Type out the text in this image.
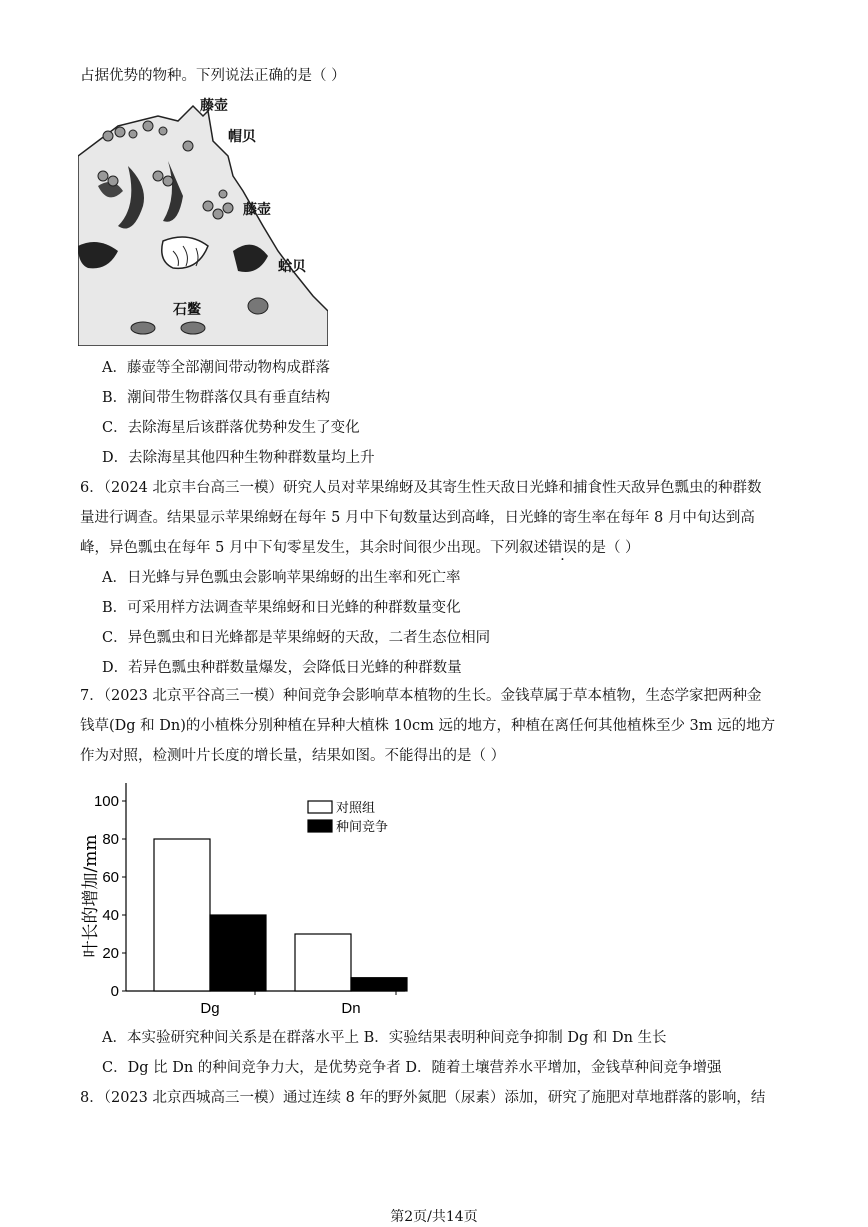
占据优势的物种。下列说法正确的是（ ）
藤壶
帽贝
藤壶
蛤贝
石鳖
A．藤壶等全部潮间带动物构成群落
B．潮间带生物群落仅具有垂直结构
C．去除海星后该群落优势种发生了变化
D．去除海星其他四种生物种群数量均上升
6．（2024 北京丰台高三一模）研究人员对苹果绵蚜及其寄生性天敌日光蜂和捕食性天敌异色瓢虫的种群数
量进行调查。结果显示苹果绵蚜在每年 5 月中下旬数量达到高峰，日光蜂的寄生率在每年 8 月中旬达到高
峰，异色瓢虫在每年 5 月中下旬零星发生，其余时间很少出现。下列叙述错误的是（ ）
A．日光蜂与异色瓢虫会影响苹果绵蚜的出生率和死亡率
B．可采用样方法调查苹果绵蚜和日光蜂的种群数量变化
C．异色瓢虫和日光蜂都是苹果绵蚜的天敌，二者生态位相同
D．若异色瓢虫种群数量爆发，会降低日光蜂的种群数量
7．（2023 北京平谷高三一模）种间竞争会影响草本植物的生长。金钱草属于草本植物，生态学家把两种金
钱草(Dg 和 Dn)的小植株分别种植在异种大植株 10cm 远的地方，种植在离任何其他植株至少 3m 远的地方
作为对照，检测叶片长度的增长量，结果如图。不能得出的是（ ）
0
20
40
60
80
100
叶长的增加/mm
Dg	Dn
对照组
种间竞争
A．本实验研究种间关系是在群落水平上 B．实验结果表明种间竞争抑制 Dg 和 Dn 生长
C．Dg 比 Dn 的种间竞争力大，是优势竞争者 D．随着土壤营养水平增加，金钱草种间竞争增强
8．（2023 北京西城高三一模）通过连续 8 年的野外氮肥（尿素）添加，研究了施肥对草地群落的影响，结
第2页/共14页
